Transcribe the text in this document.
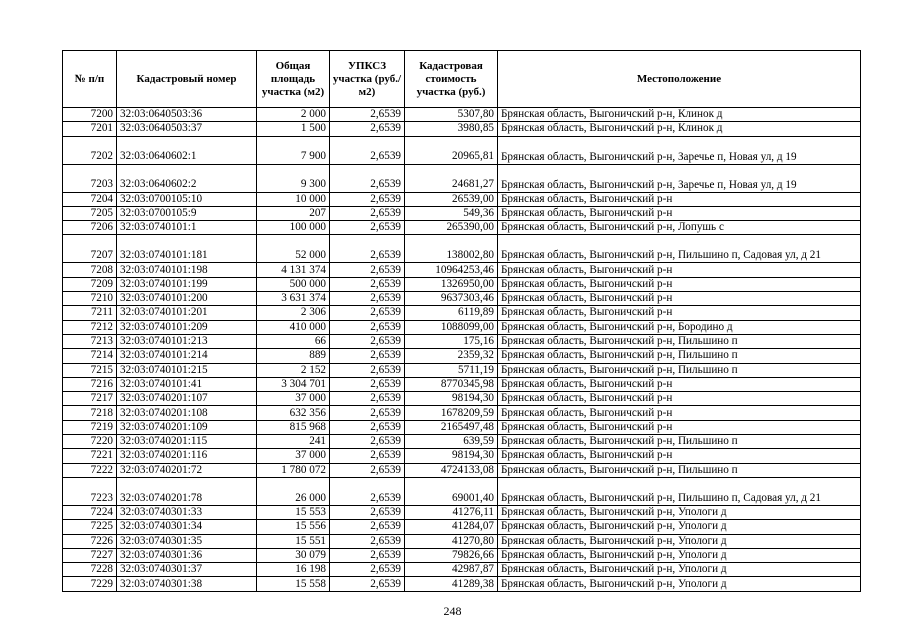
№ п/п	Кадастровый номер	Общая площадь участка (м2)	УПКСЗ участка (руб./м2)	Кадастровая стоимость участка (руб.)	Местоположение
7200	32:03:0640503:36	2 000	2,6539	5307,80	Брянская область, Выгоничский р-н, Клинок д
7201	32:03:0640503:37	1 500	2,6539	3980,85	Брянская область, Выгоничский р-н, Клинок д
7202	32:03:0640602:1	7 900	2,6539	20965,81	Брянская область, Выгоничский р-н, Заречье п, Новая ул, д 19
7203	32:03:0640602:2	9 300	2,6539	24681,27	Брянская область, Выгоничский р-н, Заречье п, Новая ул, д 19
7204	32:03:0700105:10	10 000	2,6539	26539,00	Брянская область, Выгоничский р-н
7205	32:03:0700105:9	207	2,6539	549,36	Брянская область, Выгоничский р-н
7206	32:03:0740101:1	100 000	2,6539	265390,00	Брянская область, Выгоничский р-н, Лопушь с
7207	32:03:0740101:181	52 000	2,6539	138002,80	Брянская область, Выгоничский р-н, Пильшино п, Садовая ул, д 21
7208	32:03:0740101:198	4 131 374	2,6539	10964253,46	Брянская область, Выгоничский р-н
7209	32:03:0740101:199	500 000	2,6539	1326950,00	Брянская область, Выгоничский р-н
7210	32:03:0740101:200	3 631 374	2,6539	9637303,46	Брянская область, Выгоничский р-н
7211	32:03:0740101:201	2 306	2,6539	6119,89	Брянская область, Выгоничский р-н
7212	32:03:0740101:209	410 000	2,6539	1088099,00	Брянская область, Выгоничский р-н, Бородино д
7213	32:03:0740101:213	66	2,6539	175,16	Брянская область, Выгоничский р-н, Пильшино п
7214	32:03:0740101:214	889	2,6539	2359,32	Брянская область, Выгоничский р-н, Пильшино п
7215	32:03:0740101:215	2 152	2,6539	5711,19	Брянская область, Выгоничский р-н, Пильшино п
7216	32:03:0740101:41	3 304 701	2,6539	8770345,98	Брянская область, Выгоничский р-н
7217	32:03:0740201:107	37 000	2,6539	98194,30	Брянская область, Выгоничский р-н
7218	32:03:0740201:108	632 356	2,6539	1678209,59	Брянская область, Выгоничский р-н
7219	32:03:0740201:109	815 968	2,6539	2165497,48	Брянская область, Выгоничский р-н
7220	32:03:0740201:115	241	2,6539	639,59	Брянская область, Выгоничский р-н, Пильшино п
7221	32:03:0740201:116	37 000	2,6539	98194,30	Брянская область, Выгоничский р-н
7222	32:03:0740201:72	1 780 072	2,6539	4724133,08	Брянская область, Выгоничский р-н, Пильшино п
7223	32:03:0740201:78	26 000	2,6539	69001,40	Брянская область, Выгоничский р-н, Пильшино п, Садовая ул, д 21
7224	32:03:0740301:33	15 553	2,6539	41276,11	Брянская область, Выгоничский р-н, Упологи д
7225	32:03:0740301:34	15 556	2,6539	41284,07	Брянская область, Выгоничский р-н, Упологи д
7226	32:03:0740301:35	15 551	2,6539	41270,80	Брянская область, Выгоничский р-н, Упологи д
7227	32:03:0740301:36	30 079	2,6539	79826,66	Брянская область, Выгоничский р-н, Упологи д
7228	32:03:0740301:37	16 198	2,6539	42987,87	Брянская область, Выгоничский р-н, Упологи д
7229	32:03:0740301:38	15 558	2,6539	41289,38	Брянская область, Выгоничский р-н, Упологи д
248
